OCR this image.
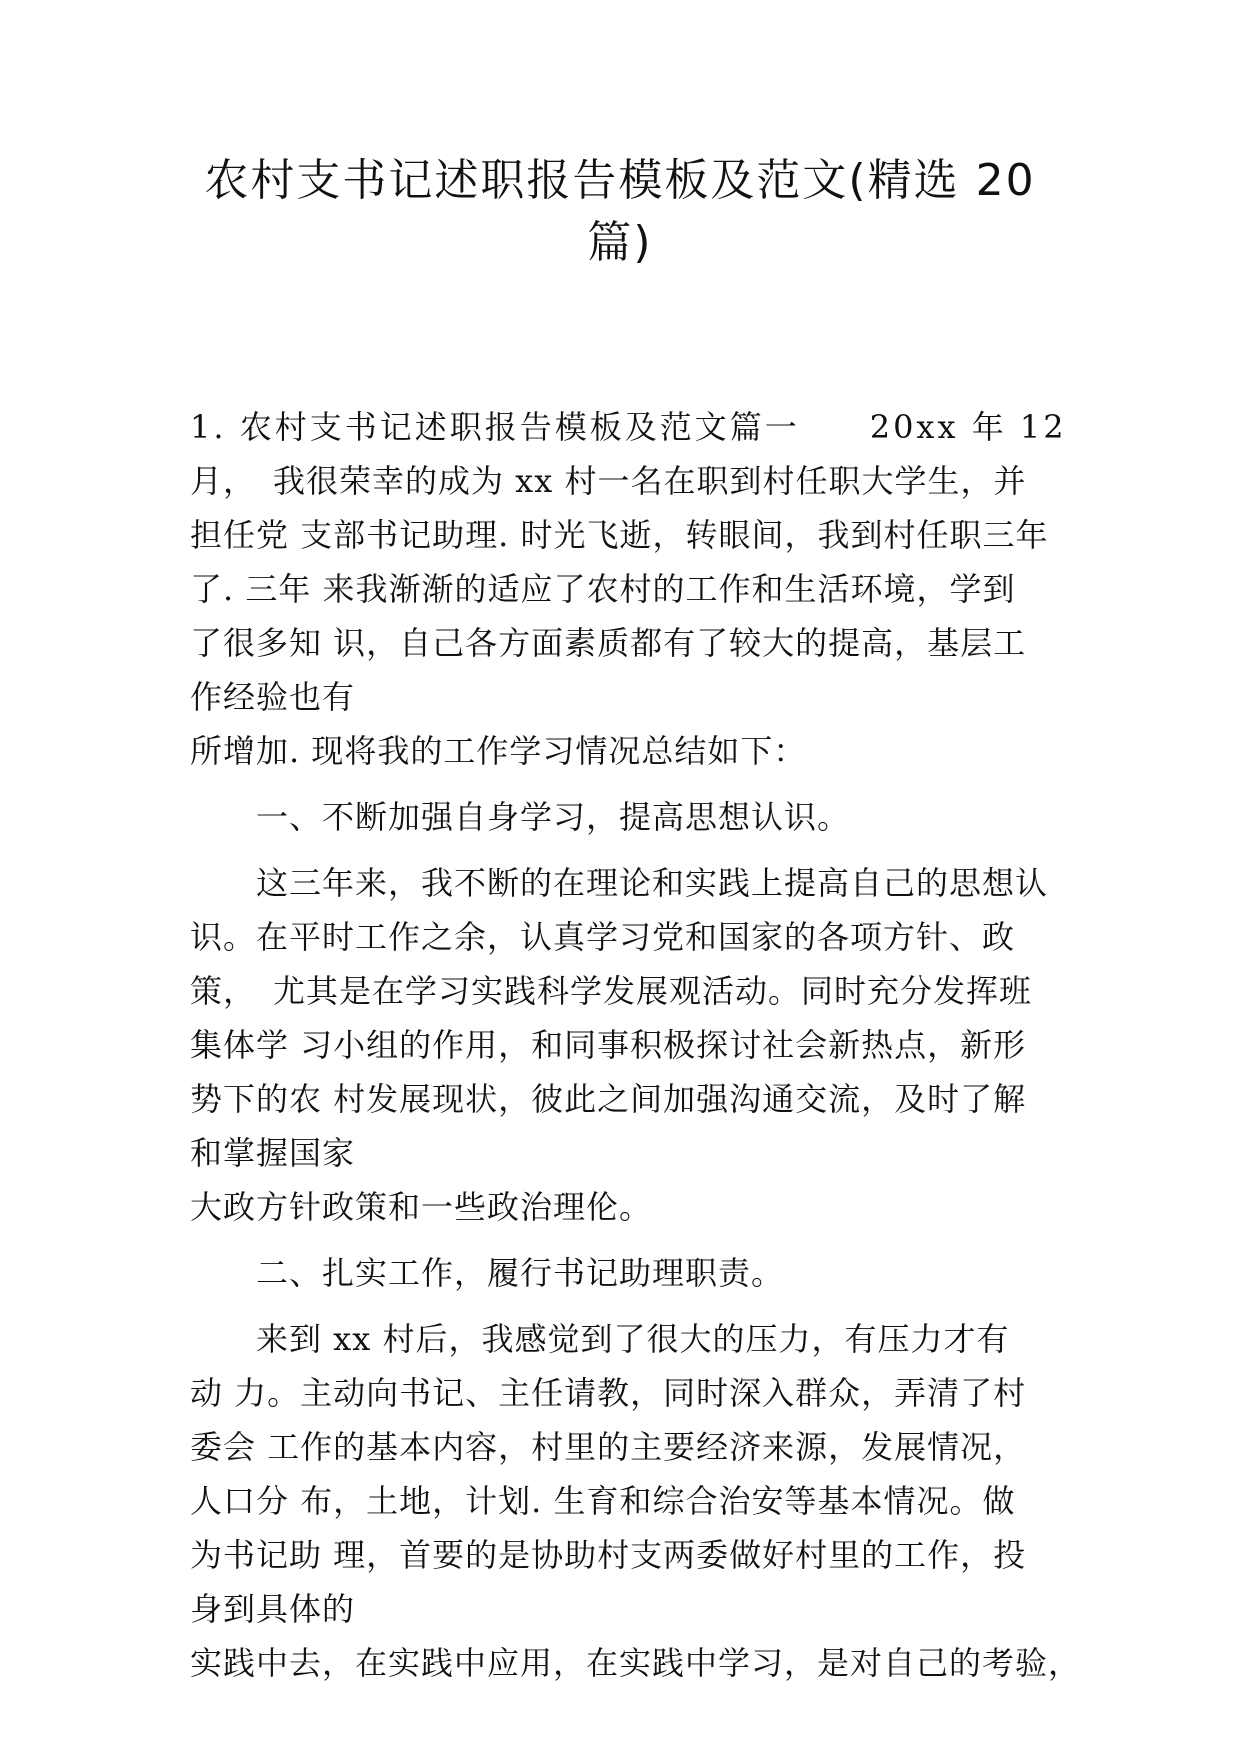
农村支书记述职报告模板及范文(精选 20
篇)
1. 农村支书记述职报告模板及范文篇一　　20xx 年 12
月，　我很荣幸的成为 xx 村一名在职到村任职大学生，并
担任党 支部书记助理. 时光飞逝，转眼间，我到村任职三年
了. 三年 来我渐渐的适应了农村的工作和生活环境，学到
了很多知 识，自己各方面素质都有了较大的提高，基层工
作经验也有
所增加. 现将我的工作学习情况总结如下：
一、不断加强自身学习，提高思想认识。
这三年来，我不断的在理论和实践上提高自己的思想认
识。在平时工作之余，认真学习党和国家的各项方针、政
策，　尤其是在学习实践科学发展观活动。同时充分发挥班
集体学 习小组的作用，和同事积极探讨社会新热点，新形
势下的农 村发展现状，彼此之间加强沟通交流，及时了解
和掌握国家
大政方针政策和一些政治理伦。
二、扎实工作，履行书记助理职责。
来到 xx 村后，我感觉到了很大的压力，有压力才有
动 力。主动向书记、主任请教，同时深入群众，弄清了村
委会 工作的基本内容，村里的主要经济来源，发展情况，
人口分 布，土地，计划. 生育和综合治安等基本情况。做
为书记助 理，首要的是协助村支两委做好村里的工作，投
身到具体的
实践中去，在实践中应用，在实践中学习，是对自己的考验，
